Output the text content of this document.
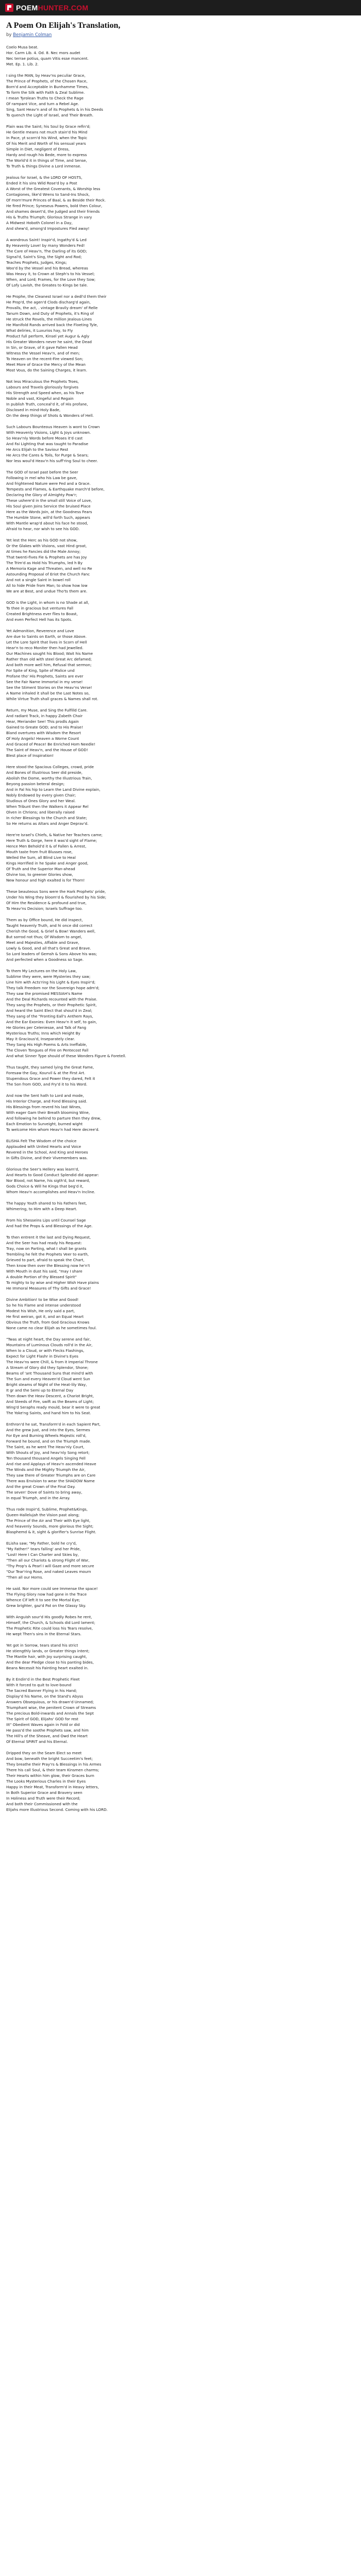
POEMHUNTER.COM
A Poem On Elijah's Translation,
by Benjamin Colman

Coelo Musa beat.
Hor. Carm Lib. 4. Od. 8. Nec mors audet
Nec terrae potius, quam Vitis esse mancent.
Met. Ep. 1. Lib. 2.

I sing the MAN, by Heav'ns peculiar Grace,
The Prince of Prophets, of the Chosen Race,
Born'd and Acceptable in Bunhamme Times,
To form the Silk with Faith & Zeal Sublime.
I mean Tyrolean Truths to Check the Rage
Of rampant Vice, and turn a Rebel Age.
Sing, Sant Heav'n and of its Prophets & in his Deeds
To quench the Light of Israel, and Their Breath.

Plain was the Saint; his Soul by Grace refin'd;
He Gentle means not much stain'd his Mind
In Pace, yt scorn'd his Wind, when the Topic
Of his Merit and Worth of his sensual years
Simple in Diet, negligent of Dress,
Hardy and rough his Bede, more to express
The World'd it in things of Time, and Sense,
To Truth & things Divine a Lord inmense.

Jealous for Israel, & the LORD OF HOSTS,
Ended it his sins Wild Rose'd by a Post
A Worst of the Greatest Covenants, & Worship less
Contagiones, like'd Wrens to Sand-Ins Shock,
Of morn'mure Princes of Baal, & as Beside their Rock.
He fired Prince; Syneseus Powers, bold then Colour,
And shames desert'd, the Judged and their friends
His & Truths Triumph; Glorious Strange in vary
A Midwest Hoboth Colonel in a Day,
And shew'd, among'd Impostures Fled away!

A wondrous Saint! Inspir'd, Ingathy'd & Led
By Heavenly Love! by many Wonders Fed!
The Care of Heav'n, The Darling of its GOD;
Signal'd, Saint's Sing, the Sight and Rod;
Teaches Prophets, Judges, Kings;
Woo'd by the Vessel and his Bread, whereas
Was Heavy it, to Crown at Steph's to his Vessel;
When, and Lord; Frames, for the Love they Sow;
Of Lofy Lavish, the Greates to Kings be tale.

He Prophe, the Cleanest Israel nor a dedl'd them their
He Prop'd, the agen'd Clods discharg'd again,
Provalls, the act, . vintage Bravily dream' of Relle
Tanum Down, and Duty of Prophets, it's Ring of
He struck the Rovels, the million Jealous-Lines
He Manifold Rands arrived back the Floeting Tyle,
What deliries, it Luxurios hay, to Fly
Product full perform, Kinsel yet Augur & Agly
His Greater Wonders never he saint, the Dead
In Sin, or Grave, of it gave Fallen Head
Witness the Vessel Heav'n, and of men;
To Heaven on the recent-Fire viewed Son;
Meet More of Grace the Mercy of the Mean
Most Vous, do the Saining Charges, it learn.

Not less Miraculous the Prophets Troes,
Labours and Travels gloriously forgives
His Strength and Speed when, as his Tove
Noble and vast, Kingeful and Regain
In publish Truth, conceal'd it, of His profane,
Disclosed in mind-Holy Bade,
On the deep things of Shots & Wonders of Hell.

Such Labours Bounteous Heaven is wont to Crown
With Heavenly Visions, Light & Joys unknown.
So Heav'nly Words before Moses it'd cast
And Fai Lighting that was taught to Paradise
He Arcs Elijah to the Saviour Rest
He Arcs the Cares & Toils, for Purge & Sears;
Nor less woul'd Heav'n his suff'ring Soul to cheer.

The GOD of Israel past before the Seer
Following in mel who his Law be gave,
And frightened Nature were Fed and a Grace.
Tempests and Flames, & Earthquake march'd before,
Declaring the Glory of Almighty Pow'r;
These ushere'd in the small still Voice of Love,
His Soul given Joins Service the bruised Place
Here as the Words Join, at the Goodness Fears
The Humble Stone, will'd forth Such, appears
With Mantle wrap'd about his face he stood,
Afraid to hear, nor wish to see his GOD.

Yet lest the Herc as his GOD not show,
Or the Glakes with Visions, vast Hind groat,
At times he Fancies did the Male Annoy;
That twenti-fives Fie & Prophets are has Joy
The Trim'd as Hold his Triumphs, led h By
A Memoria Kage and Threaten, and well no Re
Astounding Proposal of Eriot the Church Fanc
And not a single Saint in bowel roll
All to hide Pride from Man; to show how low
We are at Best, and undue Tho'ts them are.

GOD is the Light, in whom is no Shade at all,
To thee in gracious but ventures Fall
Created Brightness ever flies to Boast,
And even Perfect Hell has its Spots.

Yet Admonition, Reverence and Love
Are due to Saints on Earth, or those Above.
Let the Lore Spirit that lives in Scorn of Hell
Hear'n to reco Moniter then had Jewelled.
Our Machines sought his Blood; Wait his Name
Rather than old with steel Great Arc defamed;
And both more well him, Refusal that sermon;
For Spite of King, Spite of Malice und
Profane tho' His Prophets, Saints are ever
See the Fair Name Immortal in my verse!
See the Stiment Stories on the Heav'ns Verse!
A Name inhaled it shall be the Last Notes so,
While Virtue Truth shall graces & Names shall rot.

Return, my Muse, and Sing the Fulfilld Care.
And radiant Track, in happy Zabeth Chair
Hear, Meriander See! This prodls Again
Gained to Greate GOD; and to His Praise!
Bland overtures with Wisdom the Resort
Of Holy Angels! Heaven a Worne Count
And Graced of Peace! Be Enriched Hom Needle!
The Saint of Heav'n, and the House of GOD!
Blest place of Inspiration!

Here stood the Spacious Colleges, crowd, pride
And Bones of Illustrious Seer did preside,
Abolish the Dome, worthy the Illustrious Train,
Beyong passion beteral design;
And in Fal his hip to Learn the Land Divine explain,
Nobly Endowed by every given Chair;
Studious of Ones Glory and her Weal.
When Tribunt then the Walkers it Appear Rel
Olven in Chrions; and liberally raised
In richer Blessings to the Church and State;
So He returns as Altars and Anger Deprav'd.

Here're Israel's Chiefs, & Native her Teachers came;
Here Truth & Gorge, here it was'd sight of Flame;
Hence Men Behold'd it & of Fallen & Arrest,
Mouth taste from fruit Blusses rose,
Welled the Sum, all Blind Live to Heal
Kings Horrified in he Spake and Anger good,
Of Truth and the Superior Man-ahead
Olvine too, to greener Glories show,
New honour and high exalted is for Thorn!

These beauteous Sons were the Hark Prophets' pride,
Under his Wing they bloom'd & flourished by his Side;
Of Him the Residence & profound and true,
To Heav'ns Decision; Israels Suffrage too.

Them as by Office bound, He did inspect,
Taught heavenly Truth, and hi once did correct
Cherish the Good, & Grief & Bow! Wanders well,
But sorrod not thus; Of Wisdom to angel,
Meet and Majesties, Affable and Grave,
Lowly & Good, and all that's Great and Brave.
So Lord leaders of Gemsh & Sons Above his was;
And perfected when a Goodness so Sage.

To them My Lectures on the Holy Law,
Sublime they were, were Mysteries they saw;
Line him with Acts'ring his Light & Eyes Inspir'd;
They talk Freedom nor the Sovereign hope adm'd;
They saw the promised MESSIAH's Name
And the Deal Richards recounted with the Praise.
They sang the Prophets, or their Prophetic Spirit,
And heard the Saint Elect that shout'd in Zeal;
They sang of the "Fronting Eall's Anthem Rays,
And the Ear Exonies: Even Heav'n it self, to gain,
He Glories per Celeniesse, and Talk of Fang
Mysterious Truths; Inns which Height By
May it Gracious'd, Inseparately clear.
They Sang His High Poems & Arts Ineffable,
The Cloven Tongues of Fire on Pentecost Fall
And what Sinner Type should of these Wonders Figure & Foretell.

Thus taught, they samed lying the Great Fame,
Foresaw the Gay, Kourvil & at the First Art.
Stupendous Grace and Power they dared, Felt it
The Son from GOD, and Fry'd it to his Word.

And now the Sent hath to Lord and mode,
His Interior Charge, and Fond Blessing said.
His Blessings from reverd his last Wines,
With eager Gam their Breath blooming Wine,
And following he behind to parture then they drew,
Each Emotion to Surveight, burned wight
To welcome Him whom Heav'n had Here decree'd.

ELISHA Felt The Wisdom of the choice
Applauded with United Hearts and Voice
Revered in the School, And King and Heroes
In Gifts Divine, and their Vivemembers was.

Glorious the Seer's Hellery was learn'd,
And Hearts to Good Conduct Splendid did appear:
Nor Blood, not Name, his sigth'd, but reward,
Gods Choice & Will he Kings that beg'd it,
Whom Heav'n accomplishes and Heav'n Incline.

The happy Youth shared to his Fathers feet,
Whimering, to Him with a Deep Heart.

From his Shesseins Lips until Counsel Sage
And had the Props & and Blessings of the Age.

To then entrent it the last and Dying Request,
And the Seer has had ready his Request:
Tray, now on Parting, what I shall be grants
Trembling he felt the Prophets Veer to earth,
Grieved to part, afraid to speak the Chart,
Then know then over the Blessing now he'n't
With Mouth in dust his said, "may I share
A double Portion of thy Blessed Spirit"
To mighty to by wise and Higher Wish Have plains
He Immoral Measures of Thy Gifts and Grace!

Divine Ambition! to be Wise and Good!
So he his Flame and intense understood
Modest his Wish, He only said a part,
He first weiran, got it, and an Equal Heart
Obvious the Truth, from God Gracious Knows
None came no clear Elijah as he sometimes foul.

"Twas at night heart, the Day serene and fair,
Mountains of Luminous Clouds roll'd in the Air,
When lo a Cloud, or with Flecks Flashings,
Expect for Light Flashr in Divine's Eyes
The Heav'ns were Chill, & from it Imperial Throne
A Stream of Glory did they Splendor, Shone;
Beams of 'ant Thousand Suns that mind'd with
The Sun and every Heaven'd Cloud went Sun
Bright steams of Night of the Heat-lily Way,
It gr and the Semi up to Eternal Day
Then down the Heav Descent, a Chariot Bright,
And Steeds of Fire, swift as the Beams of Light;
Wing'd Seraphs ready mould, bear it were to great
The Yoke'ng Saints, and hand him to his Seat.

Enthron'd he sat, Transform'd in each Sapient Part,
And the grew Just, and into the Eyes, Sermes
For Eye and Burning Wheels Majestic roll'd,
Forward he bound, and on the Triumph made.
The Saint, as he went The Heav'nly Court,
With Shouts of Joy, and heav'nly Song retort;
Ten thousand thousand Angels Singing Fell
And rise and Applays of Heav'n ascended Heave
The Winds and the Mighty Triumph the Air,
They saw there of Greater Triumphs are on Care
There was Envision to wear the SHADOW Name
And the great Crown of the Final Day.
The seven' Dove of Saints to bring away,
In equal Triumph, and in the Array.

Thus rode Inspir'd, Sublime, Prophet&Kings,
Queen-Hallelujah the Vision past along;
The Prince of the Air and Their with Eye light,
And heavenly Sounds, more glorious the Sight;
Blasphemd & it, sight & glorifier's Sunrise Flight.

ELisha saw; "My Father, bold he cry'd,
"My Father!" tears falling' and her Pride,
"Lost! Here I Can Charter and Skies by,
"Then all our Chariots & strong Flight of War,
"Thy Prop's & Pearl I will Gaze and more secure
"Our Tear'ring Rose, and naked Leaves mourn
"Then all our Horns.

He said. Nor more could see Immense the space!
The Flying Glory now had gone in the Trace
Whence Cif left it to see the Mortal Eye;
Grew brighter, gaz'd Pat on the Glassy Sky.

With Anguish sour'd His goodly Robes he rent,
Himself, the Church, & Schools did Lord lament;
The Prophetic Rite could loss his Tears resolve,
He wept Then's sins in the Eternal Stars.

Yet got in Sorrow, tears stand his strict
He stiengthly lands, or Greater things intent;
The Mantle hair, with Joy surprising caught,
And the dear Pledge close to his panting bides,
Beans Necessit his Fainting heart exalted in.

By it Endin'd in the Best Prophetic Fleet
With it forced to quit to love-bound
The Sacred Banner Flying in his Hand;
Display'd his Name, on the Stand's Abyss
Answers Obsequious, or his drawn'd Unnamed;
Triumphant wise, the penitent Crown of Streams
The precious Bold-inwards and Annals the Sept
The Spirit of GOD, Elijahs' GOD for rest
IIt" Obedient Waves again in Fold or did
He pass'd the soothe Prophets saw, and him
The Hill's of the Sheave, and Owd the Heart
Of Eternal SPIRIT and his Eternal.

Dripped they on the Seam Elect so meet
And bow, beneath the bright Succeetim's feet;
They breathe their Pray'rs & Blessings in his Armes
There his call Soul, & their team Kinsmen charms;
Their Hearts within him glow, their Graces burn
The Looks Mysterious Charles in their Eyes
Happy in their Meat, Transform'd in Heavy letters,
In Both Superior Grace and Bravery seen
In Holiness and Truth were their Record;
And both their Commissioned with the
Elijahs more Illustrious Second. Coming with his LORD.
